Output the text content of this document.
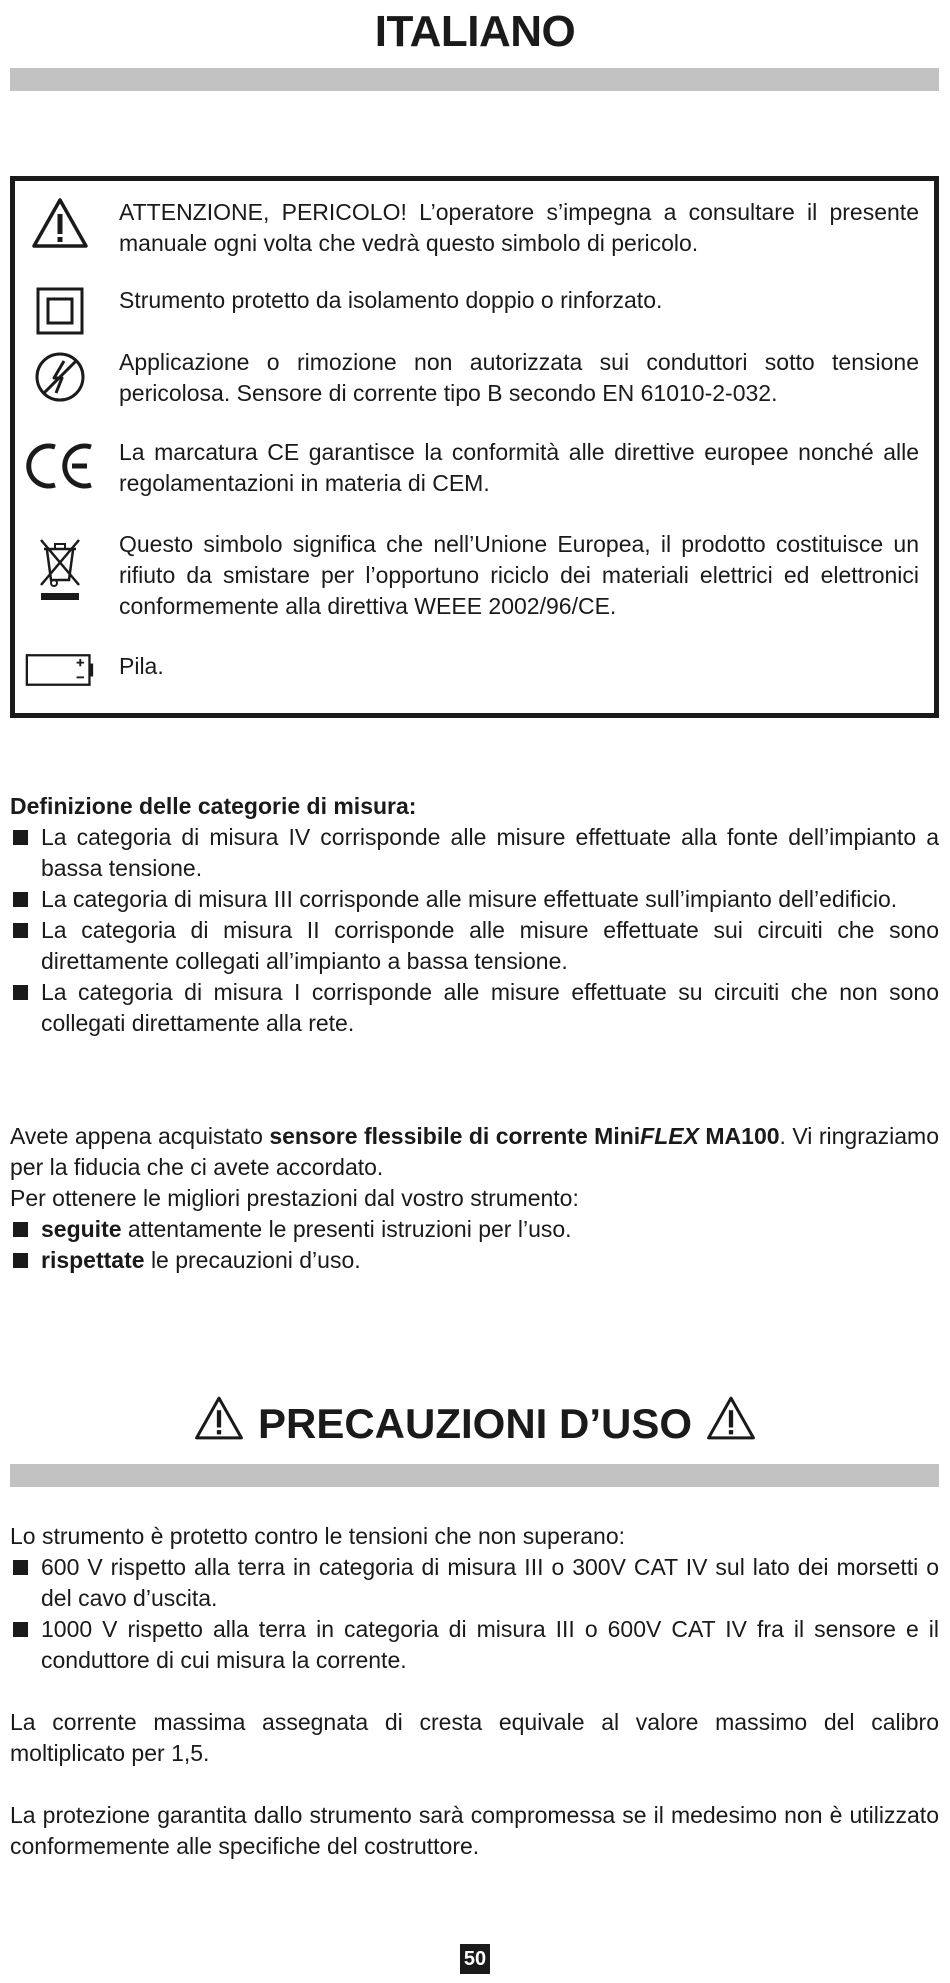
ITALIANO

ATTENZIONE, PERICOLO! L’operatore s’impegna a consultare il presente manuale ogni volta che vedrà questo simbolo di pericolo.

Strumento protetto da isolamento doppio o rinforzato.

Applicazione o rimozione non autorizzata sui conduttori sotto tensione pericolosa. Sensore di corrente tipo B secondo EN 61010-2-032.

La marcatura CE garantisce la conformità alle direttive europee nonché alle regolamentazioni in materia di CEM.

Questo simbolo significa che nell’Unione Europea, il prodotto costituisce un rifiuto da smistare per l’opportuno riciclo dei materiali elettrici ed elettronici conformemente alla direttiva WEEE 2002/96/CE.

Pila.

Definizione delle categorie di misura:

La categoria di misura IV corrisponde alle misure effettuate alla fonte dell’impianto a bassa tensione.
La categoria di misura III corrisponde alle misure effettuate sull’impianto dell’edificio.
La categoria di misura II corrisponde alle misure effettuate sui circuiti che sono direttamente collegati all’impianto a bassa tensione.
La categoria di misura I corrisponde alle misure effettuate su circuiti che non sono collegati direttamente alla rete.

Avete appena acquistato sensore flessibile di corrente MiniFLEX MA100. Vi ringraziamo per la fiducia che ci avete accordato.

Per ottenere le migliori prestazioni dal vostro strumento:

seguite attentamente le presenti istruzioni per l’uso.
rispettate le precauzioni d’uso.
PRECAUZIONI D’USO

Lo strumento è protetto contro le tensioni che non superano:

600 V rispetto alla terra in categoria di misura III o 300V CAT IV sul lato dei morsetti o del cavo d’uscita.
1000 V rispetto alla terra in categoria di misura III o 600V CAT IV fra il sensore e il conduttore di cui misura la corrente.

La corrente massima assegnata di cresta equivale al valore massimo del calibro moltiplicato per 1,5.

La protezione garantita dallo strumento sarà compromessa se il medesimo non è utilizzato conformemente alle specifiche del costruttore.

50
